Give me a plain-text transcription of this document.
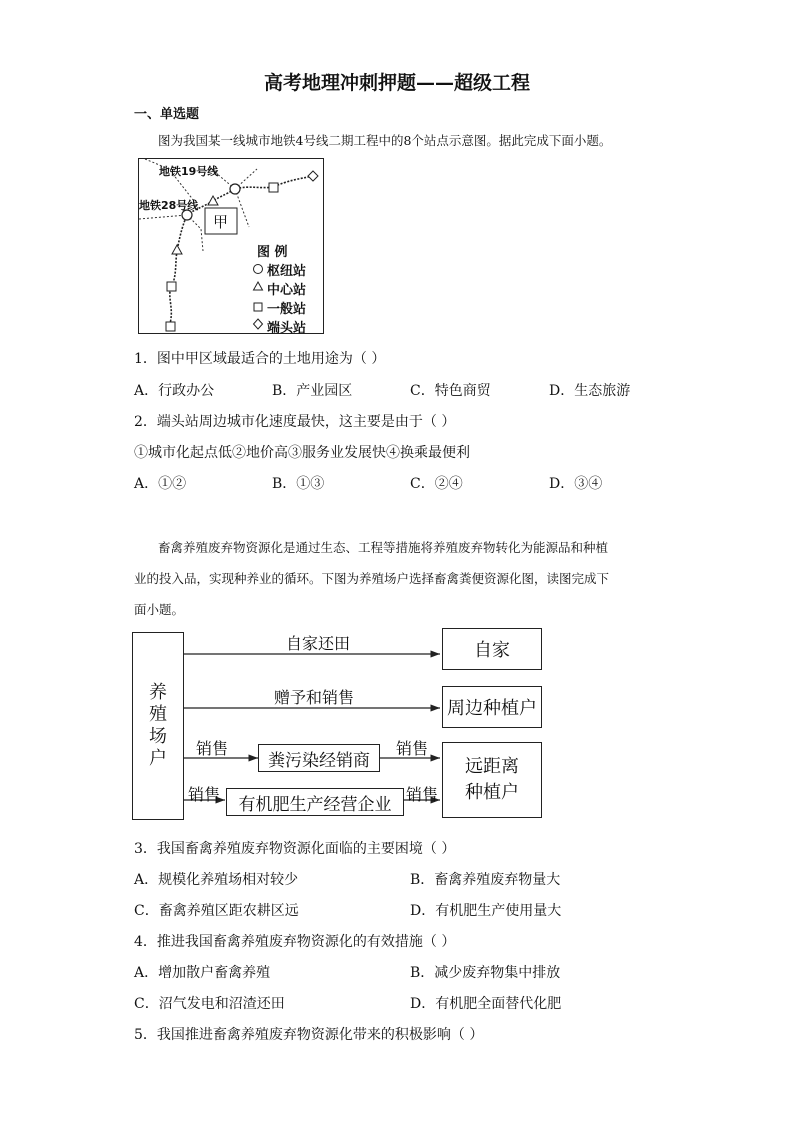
高考地理冲刺押题——超级工程
一、单选题
图为我国某一线城市地铁4号线二期工程中的8个站点示意图。据此完成下面小题。
地铁19号线
地铁28号线
甲
图 例
枢纽站
中心站
一般站
端头站
1．图中甲区域最适合的土地用途为（ ）
A．行政办公	B．产业园区	C．特色商贸	D．生态旅游
2．端头站周边城市化速度最快，这主要是由于（ ）
①城市化起点低②地价高③服务业发展快④换乘最便利
A．①②	B．①③	C．②④	D．③④
畜禽养殖废弃物资源化是通过生态、工程等措施将养殖废弃物转化为能源品和种植
业的投入品，实现种养业的循环。下图为养殖场户选择畜禽粪便资源化图，读图完成下
面小题。
养殖场户
自家
周边种植户
远距离种植户
粪污染经销商
有机肥生产经营企业
自家还田
赠予和销售
销售	销售
销售	销售
3．我国畜禽养殖废弃物资源化面临的主要困境（ ）
A．规模化养殖场相对较少	B．畜禽养殖废弃物量大
C．畜禽养殖区距农耕区远	D．有机肥生产使用量大
4．推进我国畜禽养殖废弃物资源化的有效措施（ ）
A．增加散户畜禽养殖	B．减少废弃物集中排放
C．沼气发电和沼渣还田	D．有机肥全面替代化肥
5．我国推进畜禽养殖废弃物资源化带来的积极影响（ ）
